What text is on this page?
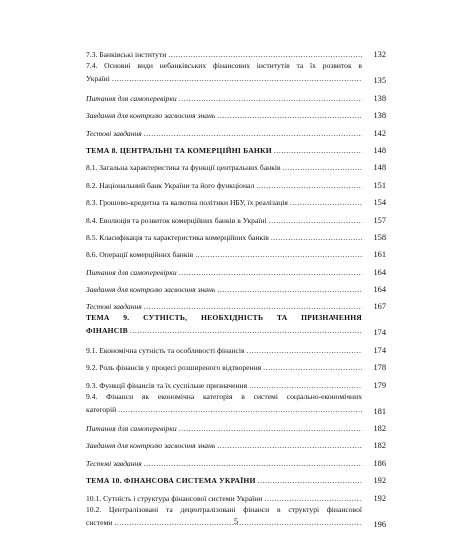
7.3. Банківські інститути
.....	132

7.4. Основні види небанківських фінансових інститутів та їх розвиток в
Україні
.....	135

Питання для самоперевірки
.....	138

Завдання для контролю засвоєння знань
.....	138

Тестові завдання
.....	142

ТЕМА 8. ЦЕНТРАЛЬНІ ТА КОМЕРЦІЙНІ БАНКИ
.....	148

8.1. Загальна характеристика та функції центральних банків
.....	148

8.2. Національний банк України та його функціонал
.....	151

8.3. Грошово-кредитна та валютна політики НБУ, їх реалізація
.....	154

8.4. Еволюція та розвиток комерційних банків в Україні
.....	157

8.5. Класифікація та характеристика комерційних банків
.....	158

8.6. Операції комерційних банків
.....	161

Питання для самоперевірки
.....	164

Завдання для контролю засвоєння знань
.....	164

Тестові завдання
.....	167

ТЕМА 9. СУТНІСТЬ, НЕОБХІДНІСТЬ ТА ПРИЗНАЧЕННЯ
ФІНАНСІВ
.....	174

9.1. Економічна сутність та особливості фінансів
.....	174

9.2. Роль фінансів у процесі розширеного відтворення
.....	178

9.3. Функції фінансів та їх суспільне призначення
.....	179

9.4. Фінанси як економічна категорія в системі соціально-економічних
категорій
.....	181

Питання для самоперевірки
.....	182

Завдання для контролю засвоєння знань
.....	182

Тестові завдання
.....	186

ТЕМА 10. ФІНАНСОВА СИСТЕМА УКРАЇНИ
.....	192

10.1. Сутність і структура фінансової системи України
.....	192

10.2. Централізовані та децентралізовані фінанси в структурі фінансової
системи
.....	196
5
